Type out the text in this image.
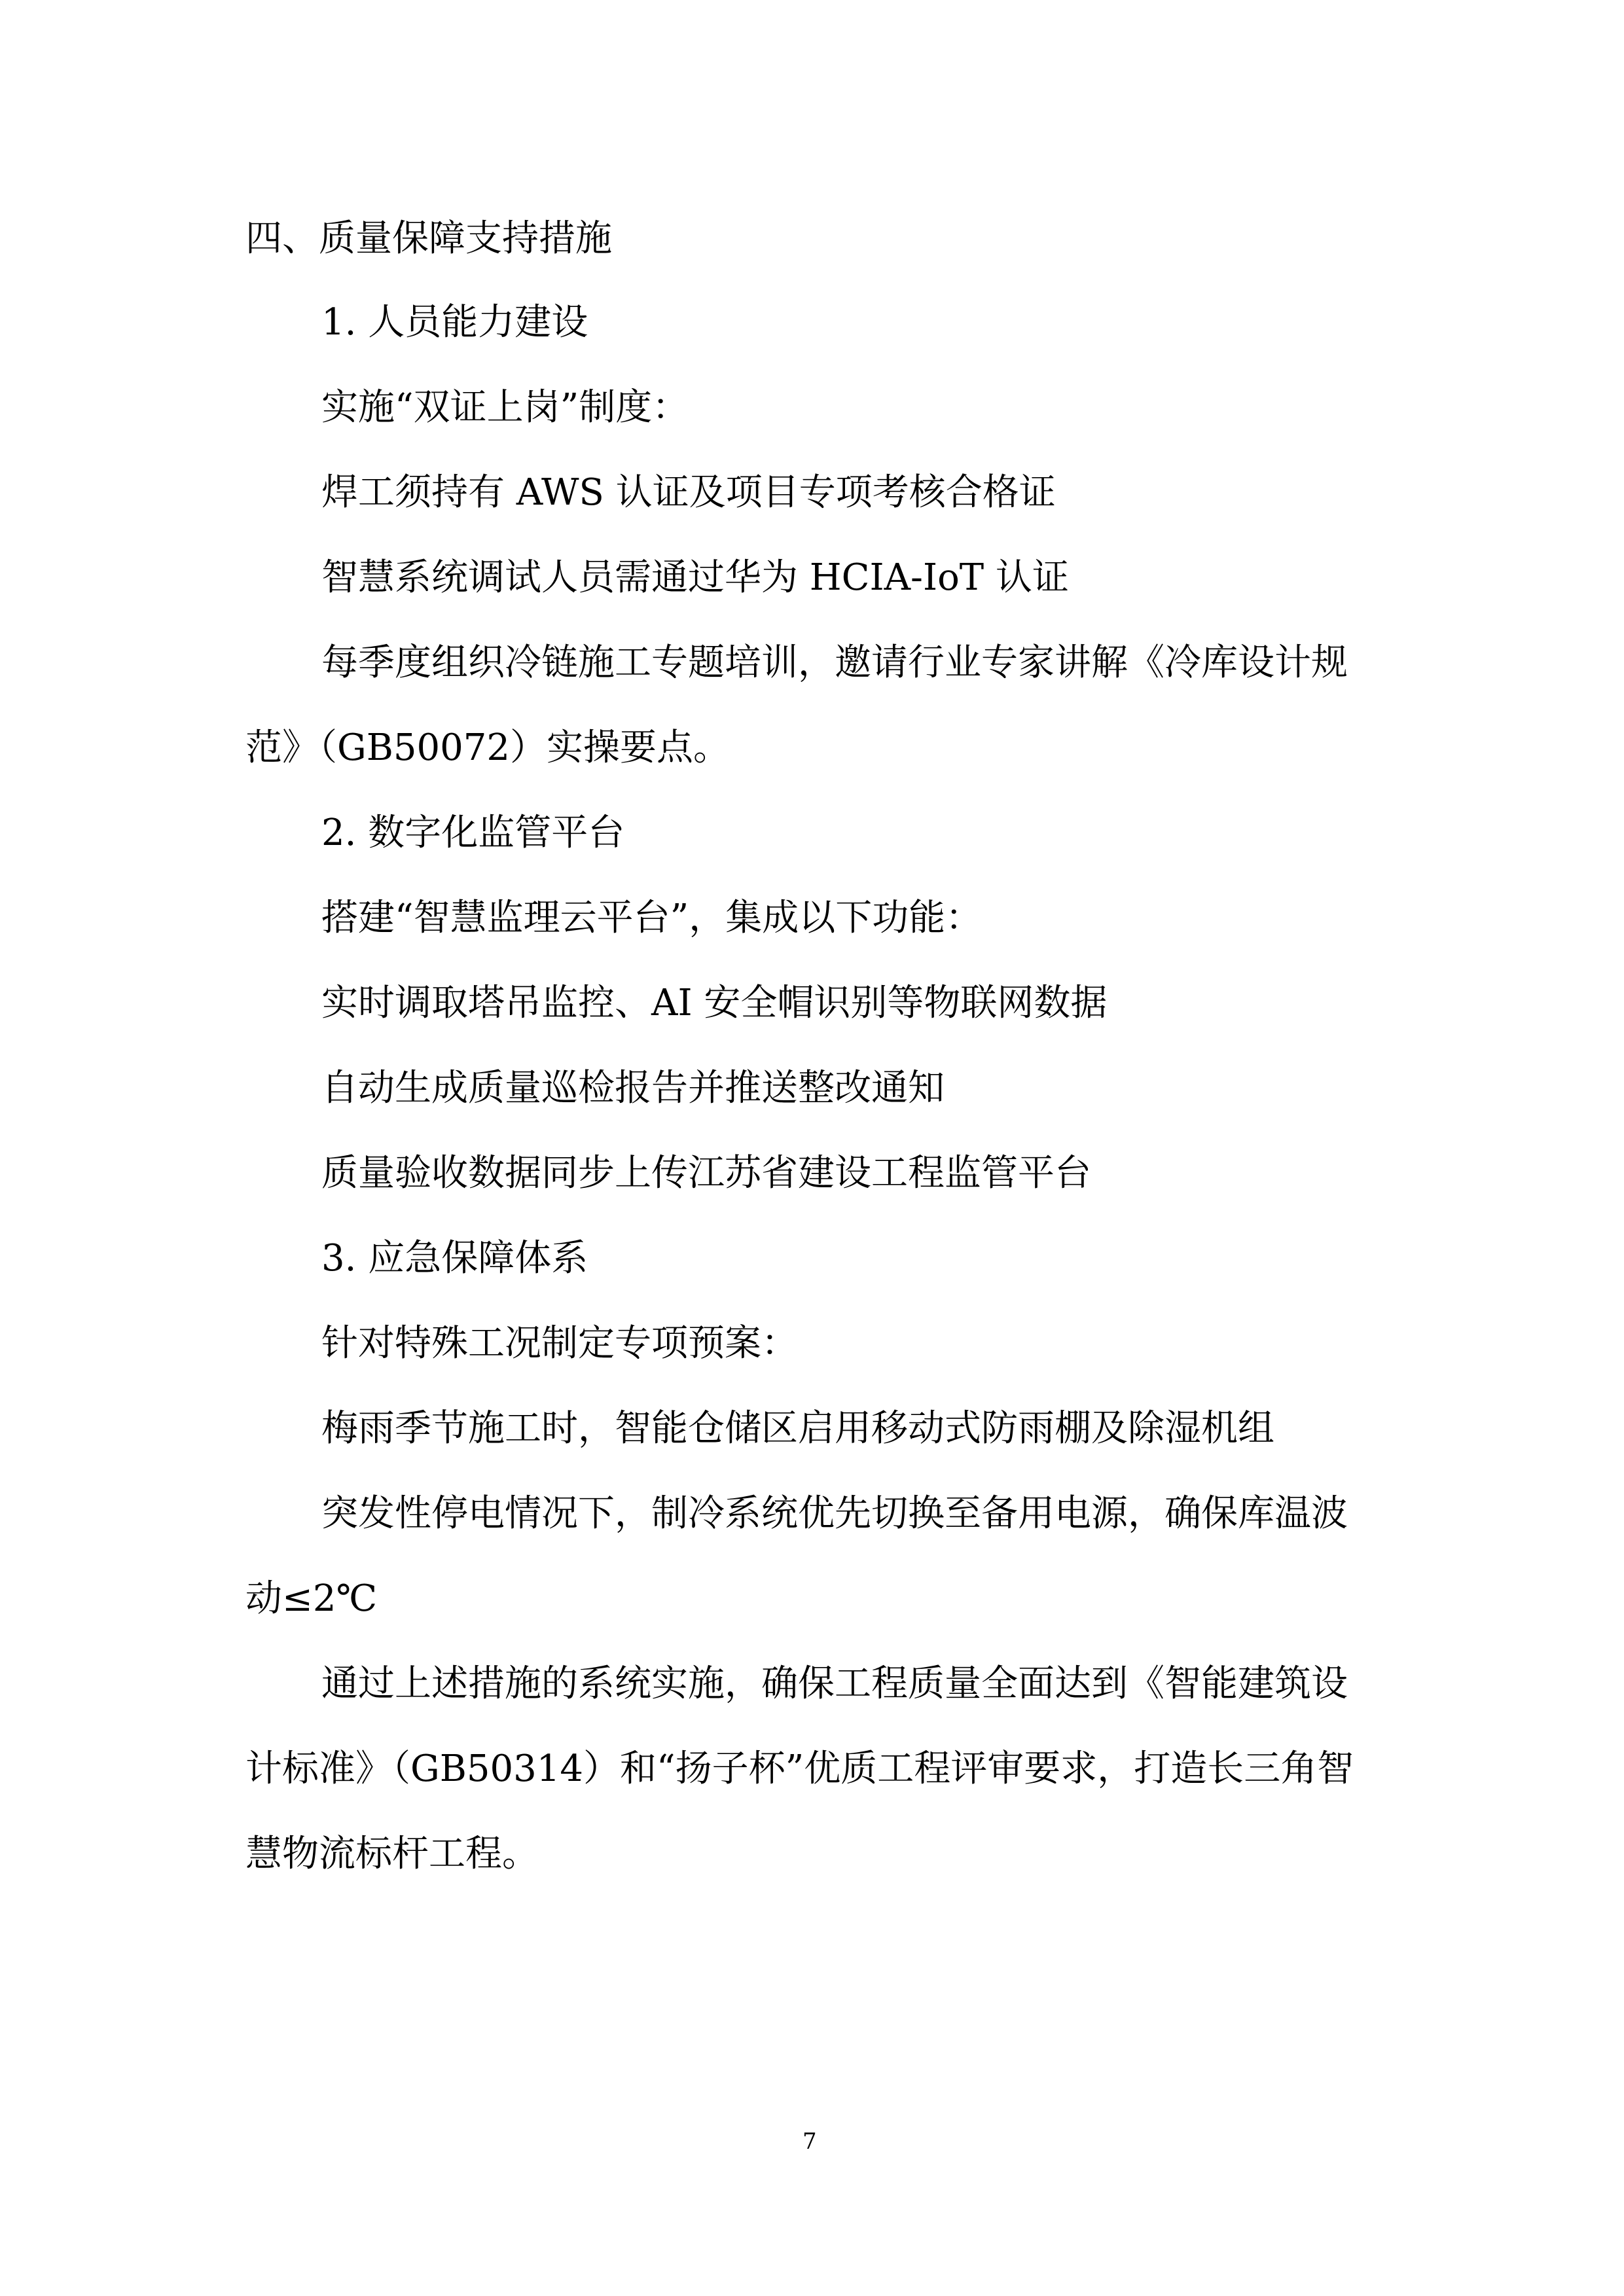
四、质量保障支持措施
1. 人员能力建设
实施“双证上岗”制度：
焊工须持有 AWS 认证及项目专项考核合格证
智慧系统调试人员需通过华为 HCIA-IoT 认证
每季度组织冷链施工专题培训，邀请行业专家讲解《冷库设计规
范》（GB50072）实操要点。
2. 数字化监管平台
搭建“智慧监理云平台”，集成以下功能：
实时调取塔吊监控、AI 安全帽识别等物联网数据
自动生成质量巡检报告并推送整改通知
质量验收数据同步上传江苏省建设工程监管平台
3. 应急保障体系
针对特殊工况制定专项预案：
梅雨季节施工时，智能仓储区启用移动式防雨棚及除湿机组
突发性停电情况下，制冷系统优先切换至备用电源，确保库温波
动≤2℃
通过上述措施的系统实施，确保工程质量全面达到《智能建筑设
计标准》（GB50314）和“扬子杯”优质工程评审要求，打造长三角智
慧物流标杆工程。
7
